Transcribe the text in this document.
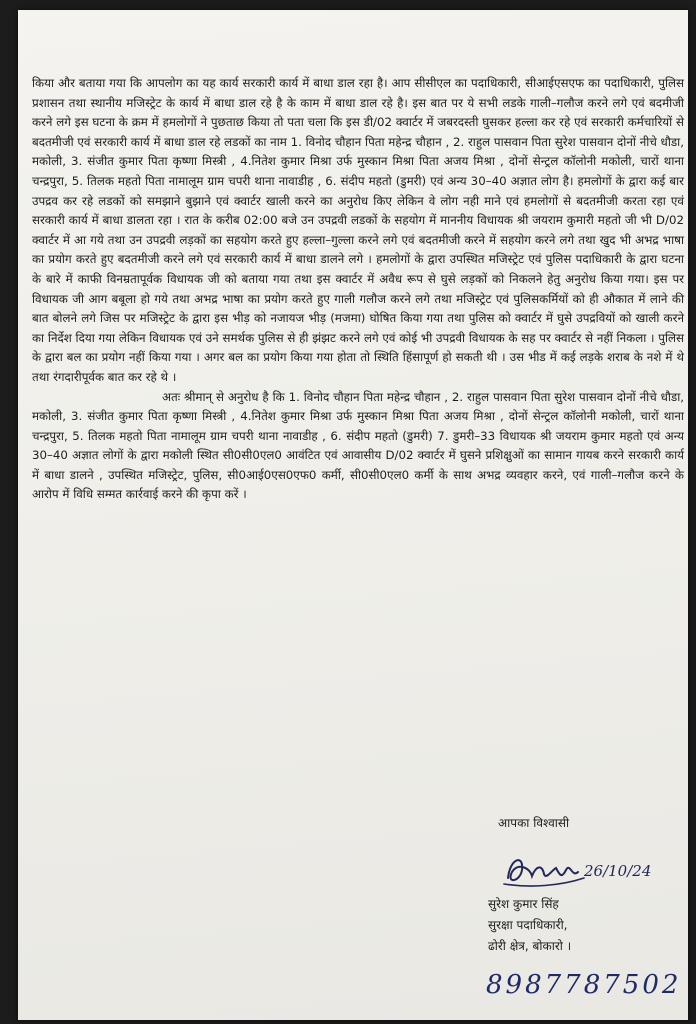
किया और बताया गया कि आपलोग का यह कार्य सरकारी कार्य में बाधा डाल रहा है। आप सीसीएल का पदाधिकारी, सीआईएसएफ का पदाधिकारी, पुलिस प्रशासन तथा स्थानीय मजिस्ट्रेट के कार्य में बाधा डाल रहे है के काम में बाधा डाल रहे है। इस बात पर ये सभी लडके गाली–गलौज करने लगे एवं बदमीजी करने लगे इस घटना के क्रम में हमलोगों ने पुछताछ किया तो पता चला कि इस डी/02 क्वार्टर में जबरदस्ती घुसकर हल्ला कर रहे एवं सरकारी कर्मचारियों से बदतमीजी एवं सरकारी कार्य में बाधा डाल रहे लडकों का नाम 1. विनोद चौहान पिता महेन्द्र चौहान , 2. राहुल पासवान पिता सुरेश पासवान दोनों नीचे धौडा, मकोली, 3. संजीत कुमार पिता कृष्णा मिस्त्री , 4.नितेश कुमार मिश्रा उर्फ मुस्कान मिश्रा पिता अजय मिश्रा , दोनों सेन्ट्रल कॉलोनी मकोली, चारों थाना चन्द्रपुरा, 5. तिलक महतो पिता नामालूम ग्राम चपरी थाना नावाडीह , 6. संदीप महतो (डुमरी) एवं अन्य 30–40 अज्ञात लोग है। हमलोगों के द्वारा कई बार उपद्रव कर रहे लडकों को समझाने बुझाने एवं क्वार्टर खाली करने का अनुरोध किए लेकिन वे लोग नही माने एवं हमलोगों से बदतमीजी करता रहा एवं सरकारी कार्य में बाधा डालता रहा । रात के करीब 02:00 बजे उन उपद्रवी लडकों के सहयोग में माननीय विधायक श्री जयराम कुमारी महतो जी भी D/02 क्वार्टर में आ गये तथा उन उपद्रवी लड़कों का सहयोग करते हुए हल्ला–गुल्ला करने लगे एवं बदतमीजी करने में सहयोग करने लगे तथा खुद भी अभद्र भाषा का प्रयोग करते हुए बदतमीजी करने लगे एवं सरकारी कार्य में बाधा डालने लगे । हमलोगों के द्वारा उपस्थित मजिस्ट्रेट एवं पुलिस पदाधिकारी के द्वारा घटना के बारे में काफी विनम्रतापूर्वक विधायक जी को बताया गया तथा इस क्वार्टर में अवैध रूप से घुसे लड़कों को निकलने हेतु अनुरोध किया गया। इस पर विधायक जी आग बबूला हो गये तथा अभद्र भाषा का प्रयोग करते हुए गाली गलौज करने लगे तथा मजिस्ट्रेट एवं पुलिसकर्मियों को ही औकात में लाने की बात बोलने लगे जिस पर मजिस्ट्रेट के द्वारा इस भीड़ को नजायज भीड़ (मजमा) घोषित किया गया तथा पुलिस को क्वार्टर में घुसे उपद्रवियों को खाली करने का निर्देश दिया गया लेकिन विधायक एवं उने समर्थक पुलिस से ही झंझट करने लगे एवं कोई भी उपद्रवी विधायक के सह पर क्वार्टर से नहीं निकला । पुलिस के द्वारा बल का प्रयोग नहीं किया गया । अगर बल का प्रयोग किया गया होता तो स्थिति हिंसापूर्ण हो सकती थी । उस भीड में कई लड़के शराब के नशे में थे तथा रंगदारीपूर्वक बात कर रहे थे ।

अतः श्रीमान् से अनुरोध है कि 1. विनोद चौहान पिता महेन्द्र चौहान , 2. राहुल पासवान पिता सुरेश पासवान दोनों नीचे धौडा, मकोली, 3. संजीत कुमार पिता कृष्णा मिस्त्री , 4.नितेश कुमार मिश्रा उर्फ मुस्कान मिश्रा पिता अजय मिश्रा , दोनों सेन्ट्रल कॉलोनी मकोली, चारों थाना चन्द्रपुरा, 5. तिलक महतो पिता नामालूम ग्राम चपरी थाना नावाडीह , 6. संदीप महतो (डुमरी) 7. डुमरी–33 विधायक श्री जयराम कुमार महतो एवं अन्य 30–40 अज्ञात लोगों के द्वारा मकोली स्थित सी0सी0एल0 आवंटित एवं आवासीय D/02 क्वार्टर में घुसने प्रशिक्षुओं का सामान गायब करने सरकारी कार्य में बाधा डालने , उपस्थित मजिस्ट्रेट, पुलिस, सी0आई0एस0एफ0 कर्मी, सी0सी0एल0 कर्मी के साथ अभद्र व्यवहार करने, एवं गाली–गलौज करने के आरोप में विधि सम्मत कार्रवाई करने की कृपा करें ।

आपका विश्वासी
26/10/24
सुरेश कुमार सिंह
सुरक्षा पदाधिकारी,
ढोरी क्षेत्र, बोकारो ।
8987787502
